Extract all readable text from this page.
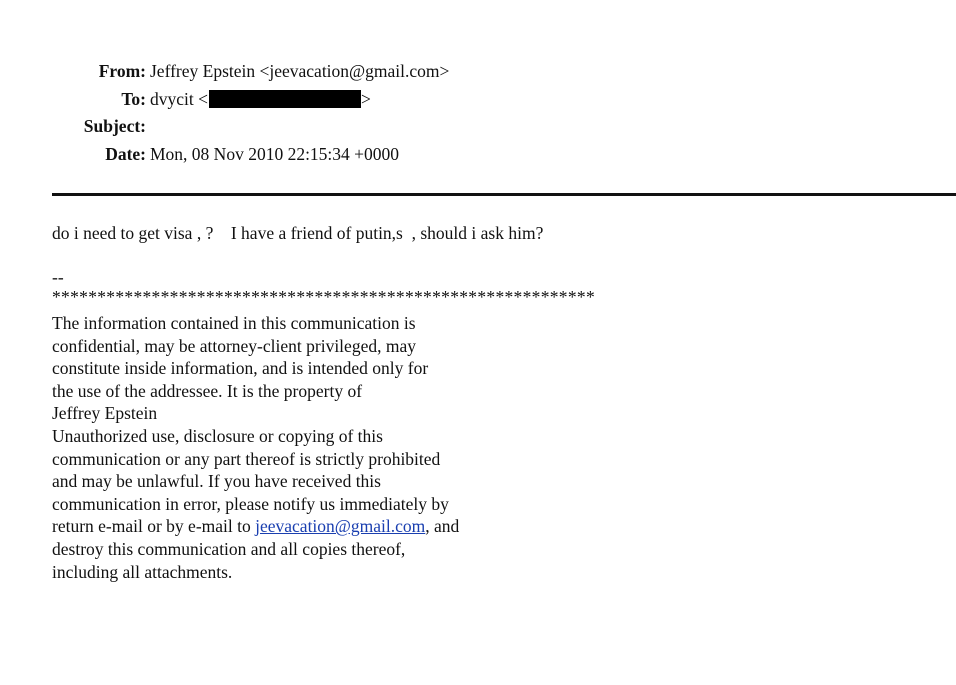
From: Jeffrey Epstein <jeevacation@gmail.com>
To: dvycit <	>
Subject:
Date: Mon, 08 Nov 2010 22:15:34 +0000
do i need to get visa , ?    I have a friend of putin,s  , should i ask him?
--
************************************************************
The information contained in this communication is
confidential, may be attorney-client privileged, may
constitute inside information, and is intended only for
the use of the addressee. It is the property of
Jeffrey Epstein
Unauthorized use, disclosure or copying of this
communication or any part thereof is strictly prohibited
and may be unlawful. If you have received this
communication in error, please notify us immediately by
return e-mail or by e-mail to jeevacation@gmail.com, and
destroy this communication and all copies thereof,
including all attachments.
